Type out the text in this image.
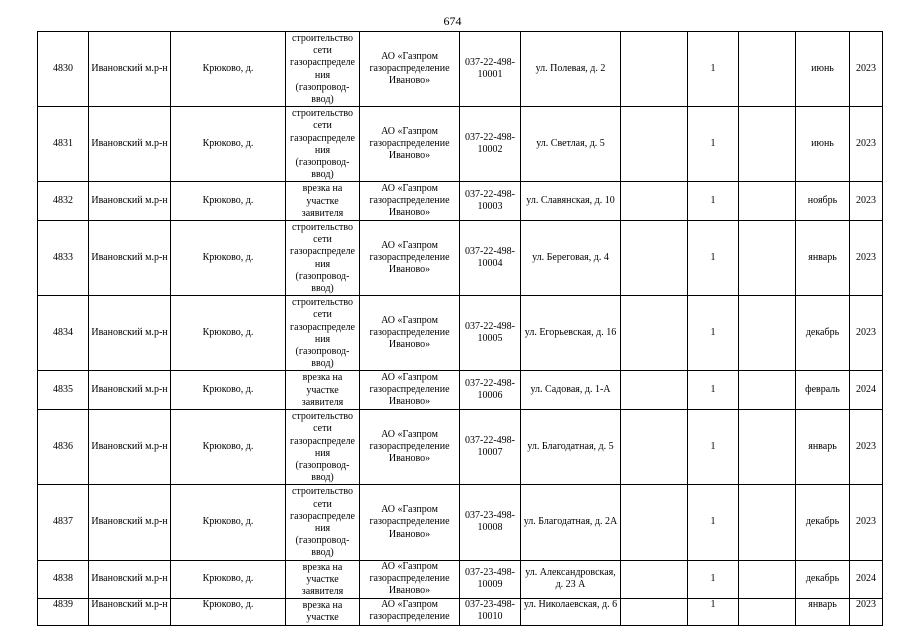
674
4830	Ивановский м.р-н	Крюково, д.	строительство сети газораспределения (газопровод-ввод)	АО «Газпром газораспределение Иваново»	037-22-498-10001	ул. Полевая, д. 2		1		июнь	2023
4831	Ивановский м.р-н	Крюково, д.	строительство сети газораспределения (газопровод-ввод)	АО «Газпром газораспределение Иваново»	037-22-498-10002	ул. Светлая, д. 5		1		июнь	2023
4832	Ивановский м.р-н	Крюково, д.	врезка на участке заявителя	АО «Газпром газораспределение Иваново»	037-22-498-10003	ул. Славянская, д. 10		1		ноябрь	2023
4833	Ивановский м.р-н	Крюково, д.	строительство сети газораспределения (газопровод-ввод)	АО «Газпром газораспределение Иваново»	037-22-498-10004	ул. Береговая, д. 4		1		январь	2023
4834	Ивановский м.р-н	Крюково, д.	строительство сети газораспределения (газопровод-ввод)	АО «Газпром газораспределение Иваново»	037-22-498-10005	ул. Егорьевская, д. 16		1		декабрь	2023
4835	Ивановский м.р-н	Крюково, д.	врезка на участке заявителя	АО «Газпром газораспределение Иваново»	037-22-498-10006	ул. Садовая, д. 1-А		1		февраль	2024
4836	Ивановский м.р-н	Крюково, д.	строительство сети газораспределения (газопровод-ввод)	АО «Газпром газораспределение Иваново»	037-22-498-10007	ул. Благодатная, д. 5		1		январь	2023
4837	Ивановский м.р-н	Крюково, д.	строительство сети газораспределения (газопровод-ввод)	АО «Газпром газораспределение Иваново»	037-23-498-10008	ул. Благодатная, д. 2А		1		декабрь	2023
4838	Ивановский м.р-н	Крюково, д.	врезка на участке заявителя	АО «Газпром газораспределение Иваново»	037-23-498-10009	ул. Александровская, д. 23 А		1		декабрь	2024
4839	Ивановский м.р-н	Крюково, д.	врезка на участке	АО «Газпром газораспределение	037-23-498-10010	ул. Николаевская, д. 6		1		январь	2023
